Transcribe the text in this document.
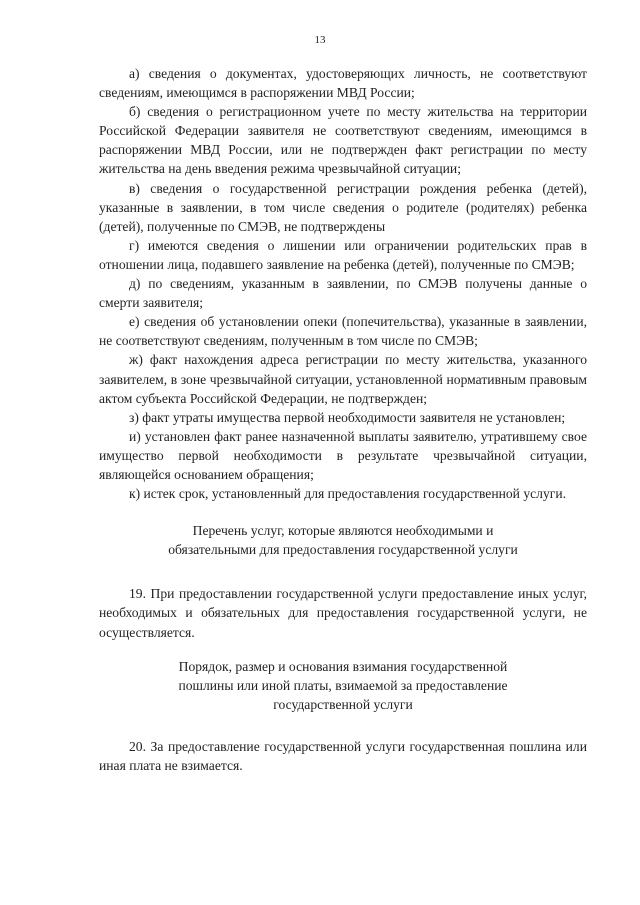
13

а) сведения о документах, удостоверяющих личность, не соответствуют сведениям, имеющимся в распоряжении МВД России;

б) сведения о регистрационном учете по месту жительства на территории Российской Федерации заявителя не соответствуют сведениям, имеющимся в распоряжении МВД России, или не подтвержден факт регистрации по месту жительства на день введения режима чрезвычайной ситуации;

в) сведения о государственной регистрации рождения ребенка (детей), указанные в заявлении, в том числе сведения о родителе (родителях) ребенка (детей), полученные по СМЭВ, не подтверждены

г) имеются сведения о лишении или ограничении родительских прав в отношении лица, подавшего заявление на ребенка (детей), полученные по СМЭВ;

д) по сведениям, указанным в заявлении, по СМЭВ получены данные о смерти заявителя;

е) сведения об установлении опеки (попечительства), указанные в заявлении, не соответствуют сведениям, полученным в том числе по СМЭВ;

ж) факт нахождения адреса регистрации по месту жительства, указанного заявителем, в зоне чрезвычайной ситуации, установленной нормативным правовым актом субъекта Российской Федерации, не подтвержден;

з) факт утраты имущества первой необходимости заявителя не установлен;

и) установлен факт ранее назначенной выплаты заявителю, утратившему свое имущество первой необходимости в результате чрезвычайной ситуации, являющейся основанием обращения;

к) истек срок, установленный для предоставления государственной услуги.

Перечень услуг, которые являются необходимыми и
обязательными для предоставления государственной услуги

19. При предоставлении государственной услуги предоставление иных услуг, необходимых и обязательных для предоставления государственной услуги, не осуществляется.

Порядок, размер и основания взимания государственной
пошлины или иной платы, взимаемой за предоставление
государственной услуги

20. За предоставление государственной услуги государственная пошлина или иная плата не взимается.
